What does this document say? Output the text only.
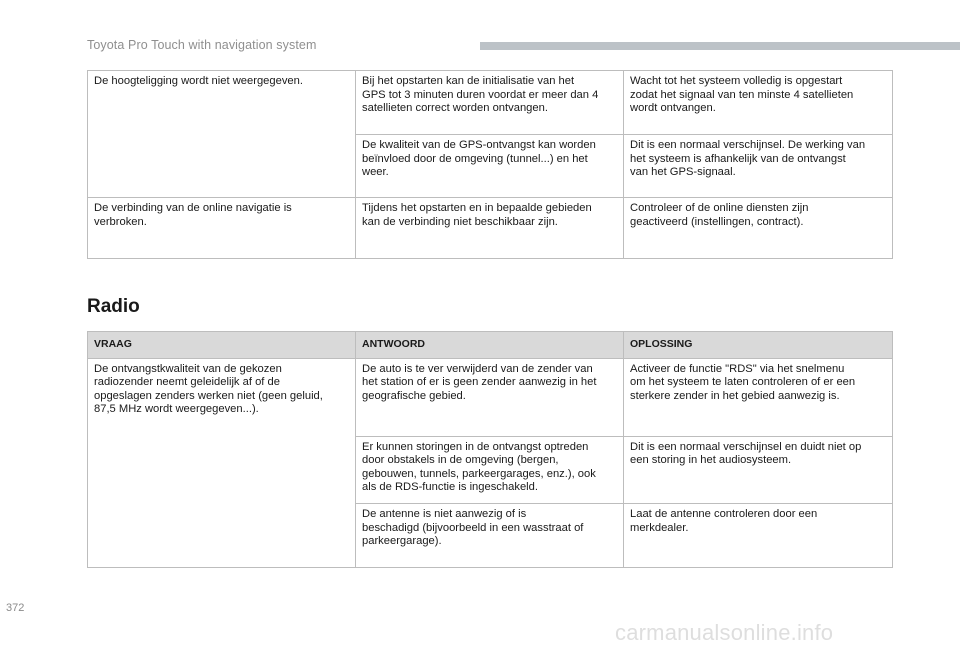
Toyota Pro Touch with navigation system
De hoogteligging wordt niet weergegeven.	Bij het opstarten kan de initialisatie van het
GPS tot 3 minuten duren voordat er meer dan 4
satellieten correct worden ontvangen.	Wacht tot het systeem volledig is opgestart
zodat het signaal van ten minste 4 satellieten
wordt ontvangen.
	De kwaliteit van de GPS-ontvangst kan worden
beïnvloed door de omgeving (tunnel...) en het
weer.	Dit is een normaal verschijnsel. De werking van
het systeem is afhankelijk van de ontvangst
van het GPS-signaal.
De verbinding van de online navigatie is
verbroken.	Tijdens het opstarten en in bepaalde gebieden
kan de verbinding niet beschikbaar zijn.	Controleer of de online diensten zijn
geactiveerd (instellingen, contract).
Radio
VRAAG	ANTWOORD	OPLOSSING
De ontvangstkwaliteit van de gekozen
radiozender neemt geleidelijk af of de
opgeslagen zenders werken niet (geen geluid,
87,5 MHz wordt weergegeven...).	De auto is te ver verwijderd van de zender van
het station of er is geen zender aanwezig in het
geografische gebied.	Activeer de functie "RDS" via het snelmenu
om het systeem te laten controleren of er een
sterkere zender in het gebied aanwezig is.
	Er kunnen storingen in de ontvangst optreden
door obstakels in de omgeving (bergen,
gebouwen, tunnels, parkeergarages, enz.), ook
als de RDS-functie is ingeschakeld.	Dit is een normaal verschijnsel en duidt niet op
een storing in het audiosysteem.
	De antenne is niet aanwezig of is
beschadigd (bijvoorbeeld in een wasstraat of
parkeergarage).	Laat de antenne controleren door een
merkdealer.
372
carmanualsonline.info
